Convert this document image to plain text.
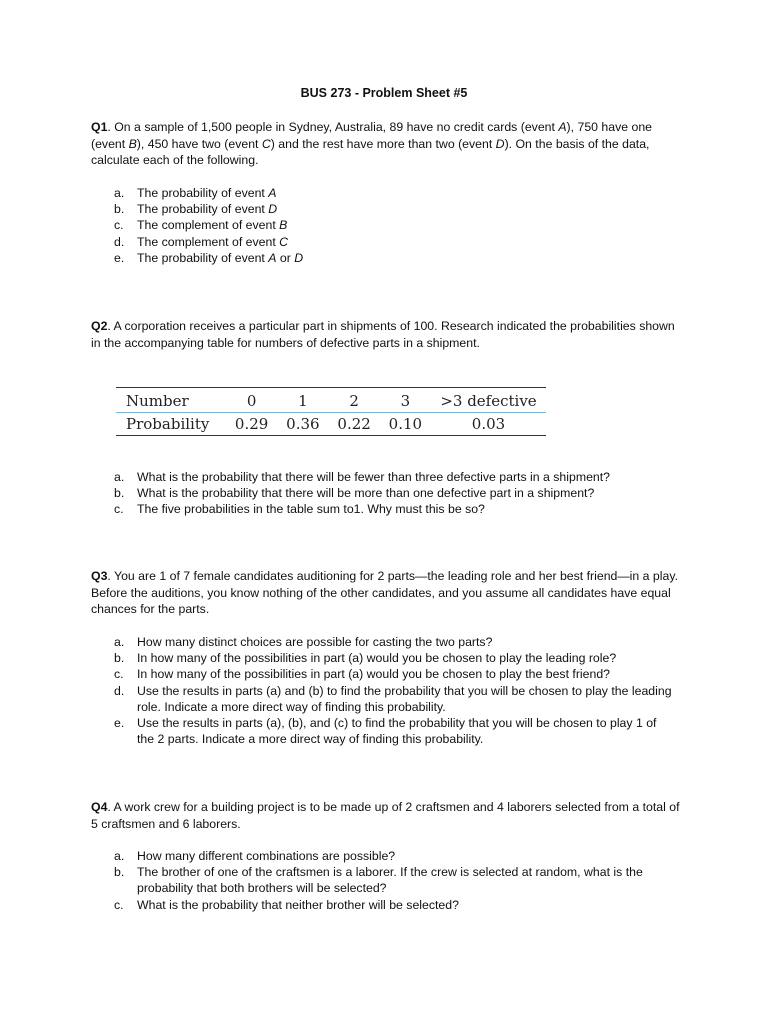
BUS 273 - Problem Sheet #5
Q1. On a sample of 1,500 people in Sydney, Australia, 89 have no credit cards (event A), 750 have one (event B), 450 have two (event C) and the rest have more than two (event D). On the basis of the data, calculate each of the following.
a.	The probability of event A
b.	The probability of event D
c.	The complement of event B
d.	The complement of event C
e.	The probability of event A or D
Q2. A corporation receives a particular part in shipments of 100. Research indicated the probabilities shown in the accompanying table for numbers of defective parts in a shipment.
Number	0	1	2	3	>3 defective
Probability	0.29	0.36	0.22	0.10	0.03
a.	What is the probability that there will be fewer than three defective parts in a shipment?
b.	What is the probability that there will be more than one defective part in a shipment?
c.	The five probabilities in the table sum to1. Why must this be so?
Q3. You are 1 of 7 female candidates auditioning for 2 parts—the leading role and her best friend—in a play. Before the auditions, you know nothing of the other candidates, and you assume all candidates have equal chances for the parts.
a.	How many distinct choices are possible for casting the two parts?
b.	In how many of the possibilities in part (a) would you be chosen to play the leading role?
c.	In how many of the possibilities in part (a) would you be chosen to play the best friend?
d.	Use the results in parts (a) and (b) to find the probability that you will be chosen to play the leading role. Indicate a more direct way of finding this probability.
e.	Use the results in parts (a), (b), and (c) to find the probability that you will be chosen to play 1 of the 2 parts. Indicate a more direct way of finding this probability.
Q4. A work crew for a building project is to be made up of 2 craftsmen and 4 laborers selected from a total of 5 craftsmen and 6 laborers.
a.	How many different combinations are possible?
b.	The brother of one of the craftsmen is a laborer. If the crew is selected at random, what is the probability that both brothers will be selected?
c.	What is the probability that neither brother will be selected?
